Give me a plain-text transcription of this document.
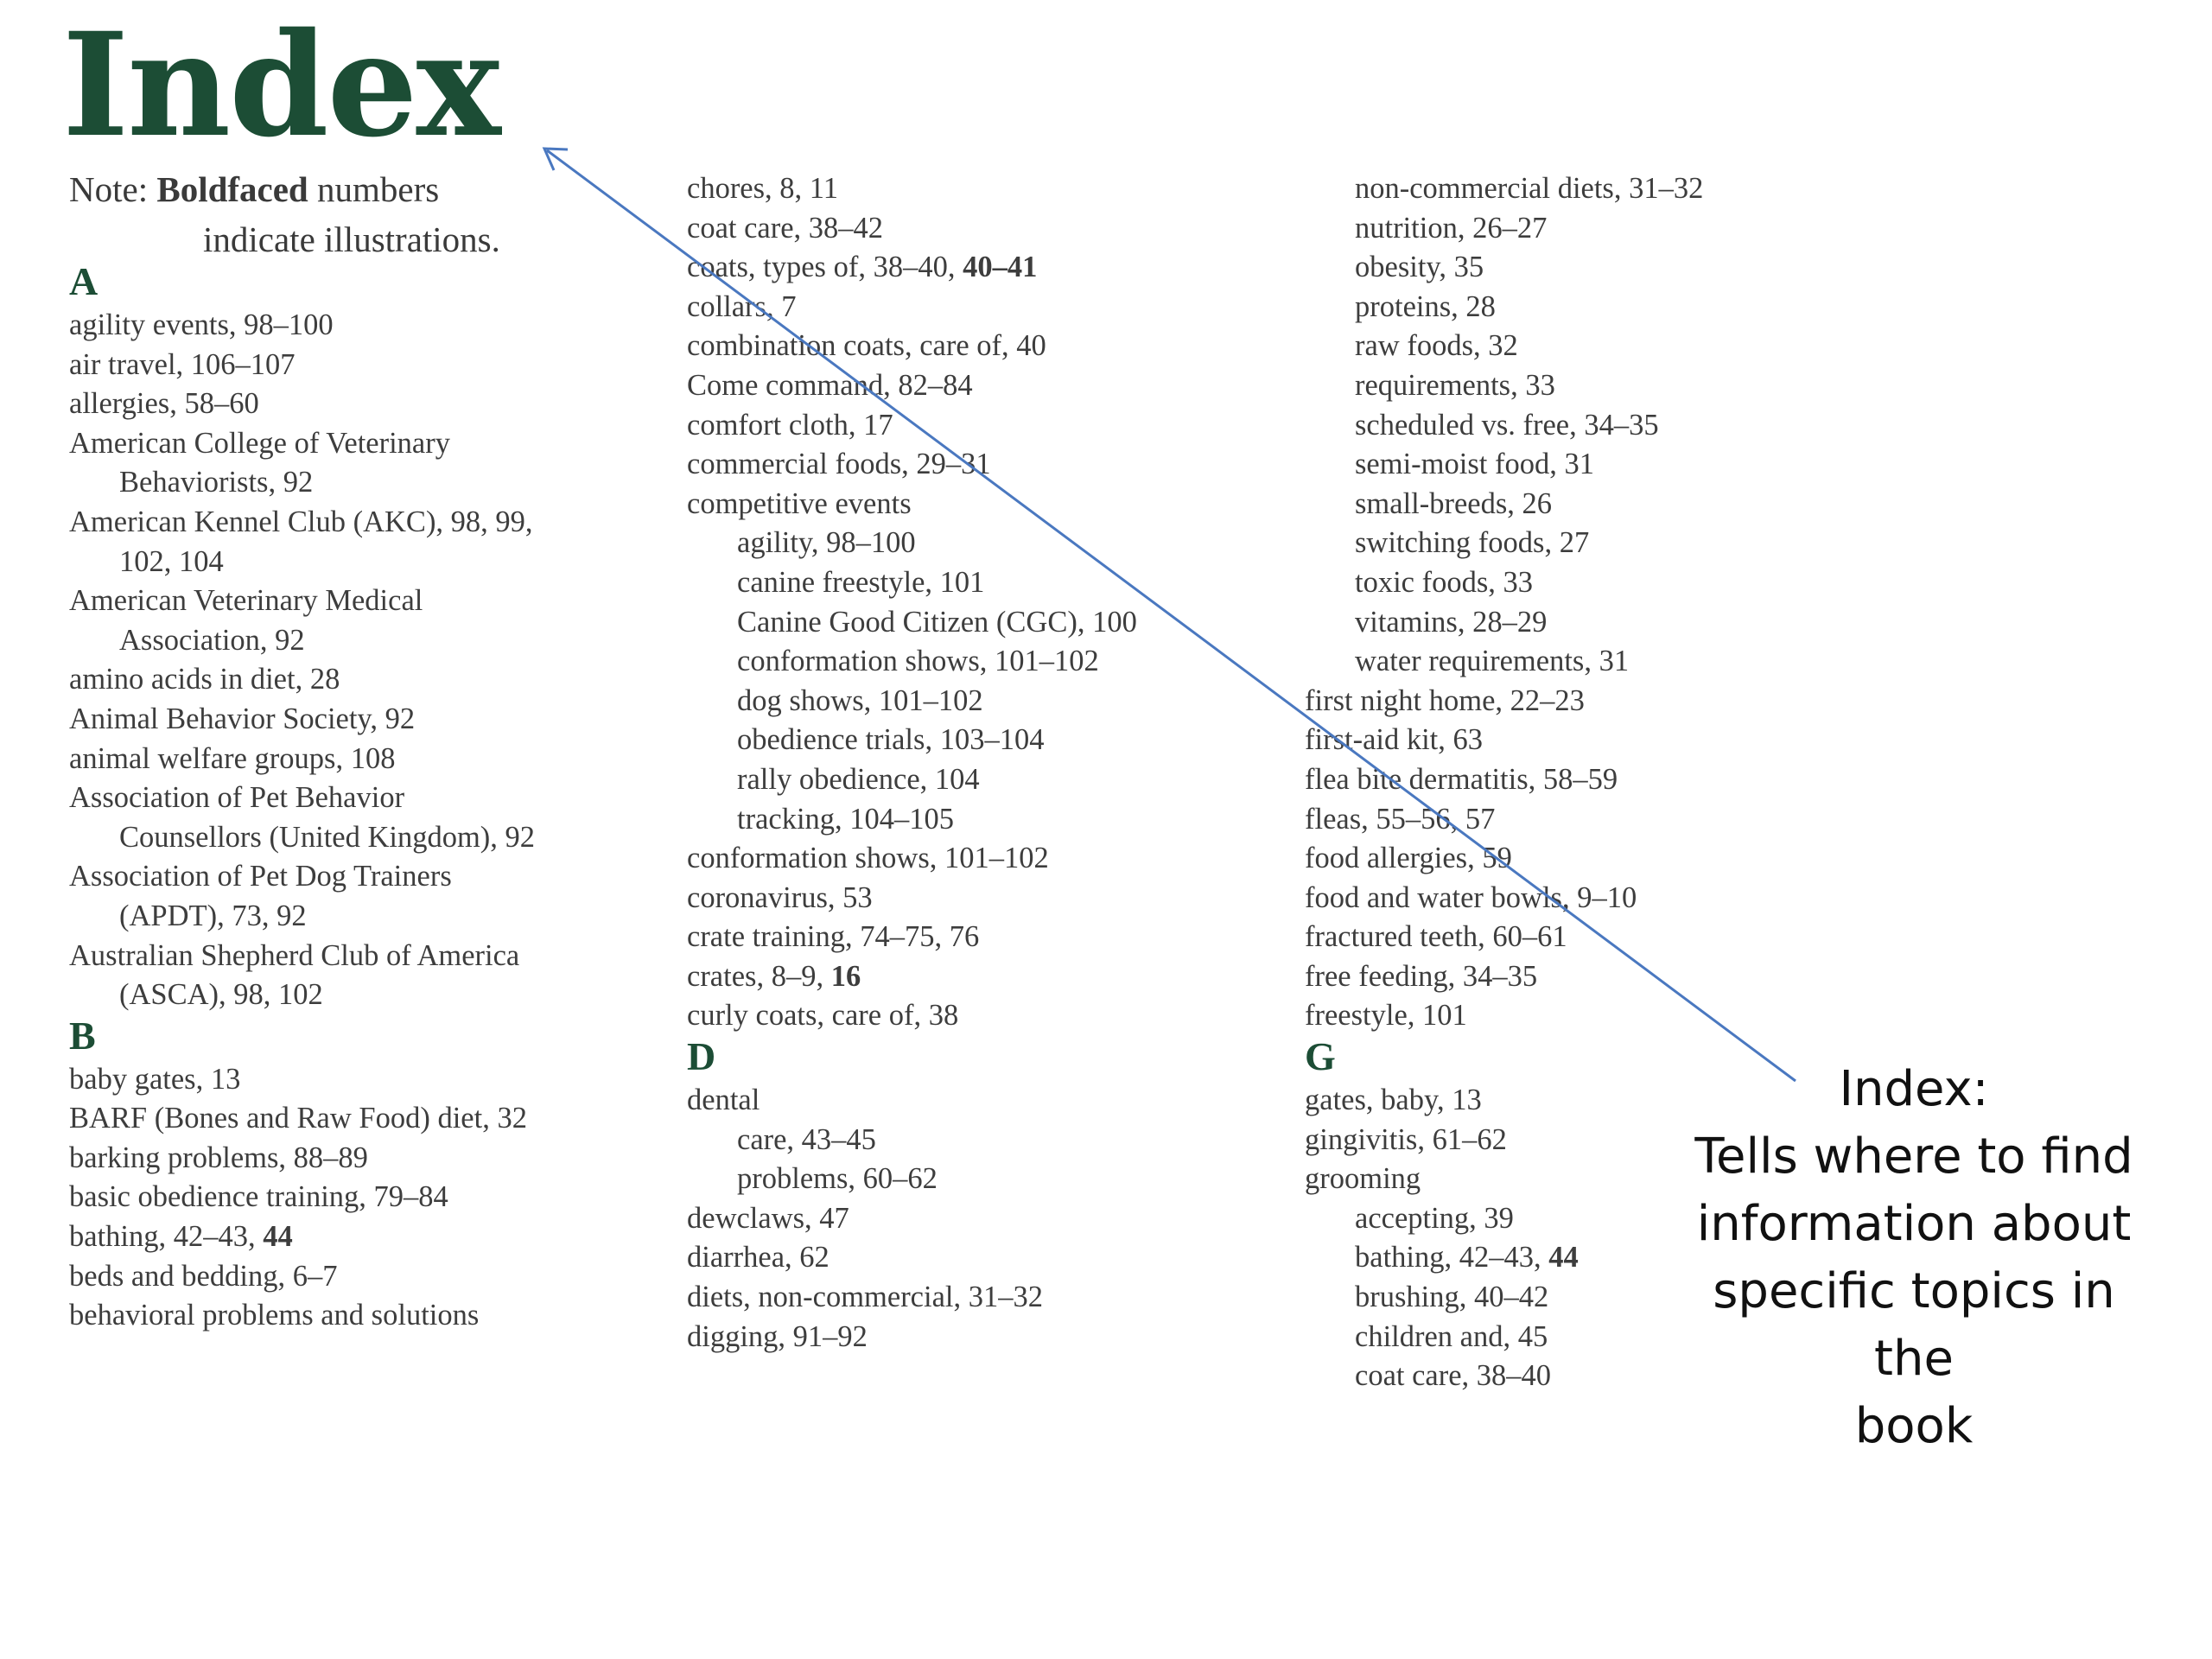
Index
Note: Boldfaced numbers
indicate illustrations.
A
agility events, 98–100
air travel, 106–107
allergies, 58–60
American College of Veterinary
Behaviorists, 92
American Kennel Club (AKC), 98, 99,
102, 104
American Veterinary Medical
Association, 92
amino acids in diet, 28
Animal Behavior Society, 92
animal welfare groups, 108
Association of Pet Behavior
Counsellors (United Kingdom), 92
Association of Pet Dog Trainers
(APDT), 73, 92
Australian Shepherd Club of America
(ASCA), 98, 102
B
baby gates, 13
BARF (Bones and Raw Food) diet, 32
barking problems, 88–89
basic obedience training, 79–84
bathing, 42–43, 44
beds and bedding, 6–7
behavioral problems and solutions
chores, 8, 11
coat care, 38–42
coats, types of, 38–40, 40–41
collars, 7
combination coats, care of, 40
Come command, 82–84
comfort cloth, 17
commercial foods, 29–31
competitive events
agility, 98–100
canine freestyle, 101
Canine Good Citizen (CGC), 100
conformation shows, 101–102
dog shows, 101–102
obedience trials, 103–104
rally obedience, 104
tracking, 104–105
conformation shows, 101–102
coronavirus, 53
crate training, 74–75, 76
crates, 8–9, 16
curly coats, care of, 38
D
dental
care, 43–45
problems, 60–62
dewclaws, 47
diarrhea, 62
diets, non-commercial, 31–32
digging, 91–92
non-commercial diets, 31–32
nutrition, 26–27
obesity, 35
proteins, 28
raw foods, 32
requirements, 33
scheduled vs. free, 34–35
semi-moist food, 31
small-breeds, 26
switching foods, 27
toxic foods, 33
vitamins, 28–29
water requirements, 31
first night home, 22–23
first-aid kit, 63
flea bite dermatitis, 58–59
fleas, 55–56, 57
food allergies, 59
food and water bowls, 9–10
fractured teeth, 60–61
free feeding, 34–35
freestyle, 101
G
gates, baby, 13
gingivitis, 61–62
grooming
accepting, 39
bathing, 42–43, 44
brushing, 40–42
children and, 45
coat care, 38–40
Index:
Tells where to find
information about
specific topics in the
book
